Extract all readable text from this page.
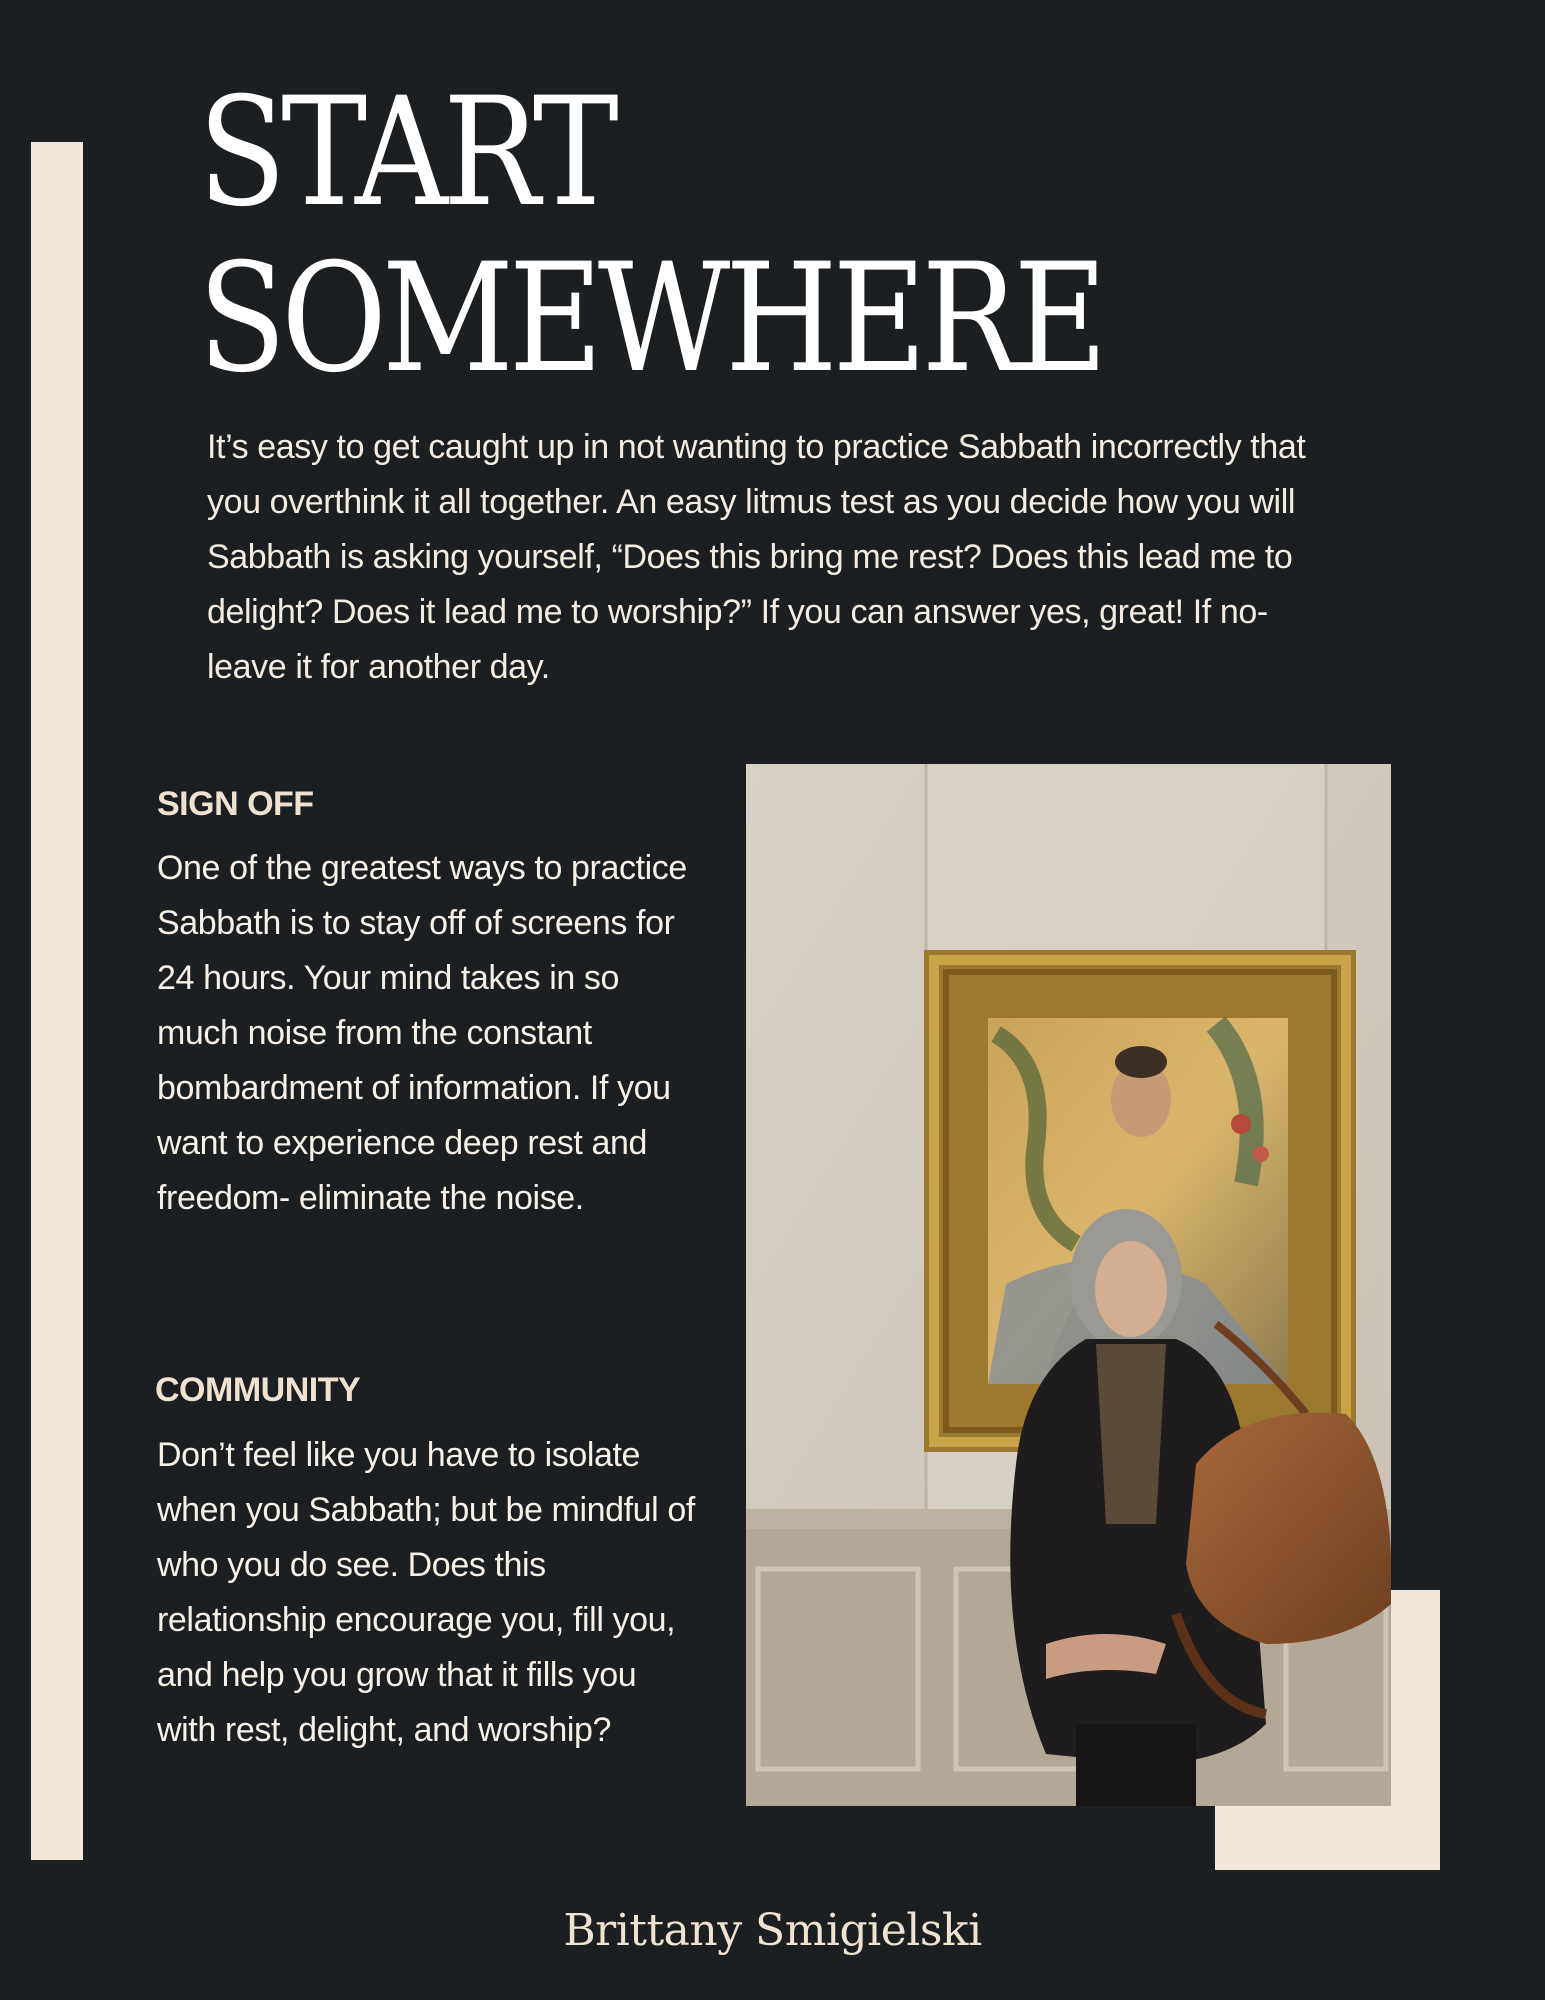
START
SOMEWHERE

It’s easy to get caught up in not wanting to practice Sabbath incorrectly that you overthink it all together. An easy litmus test as you decide how you will Sabbath is asking yourself, “Does this bring me rest? Does this lead me to delight? Does it lead me to worship?” If you can answer yes, great! If no- leave it for another day.

SIGN OFF

One of the greatest ways to practice Sabbath is to stay off of screens for 24 hours. Your mind takes in so much noise from the constant bombardment of information. If you want to experience deep rest and freedom- eliminate the noise.

COMMUNITY

Don’t feel like you have to isolate when you Sabbath; but be mindful of who you do see. Does this relationship encourage you, fill you, and help you grow that it fills you with rest, delight, and worship?

Brittany Smigielski
